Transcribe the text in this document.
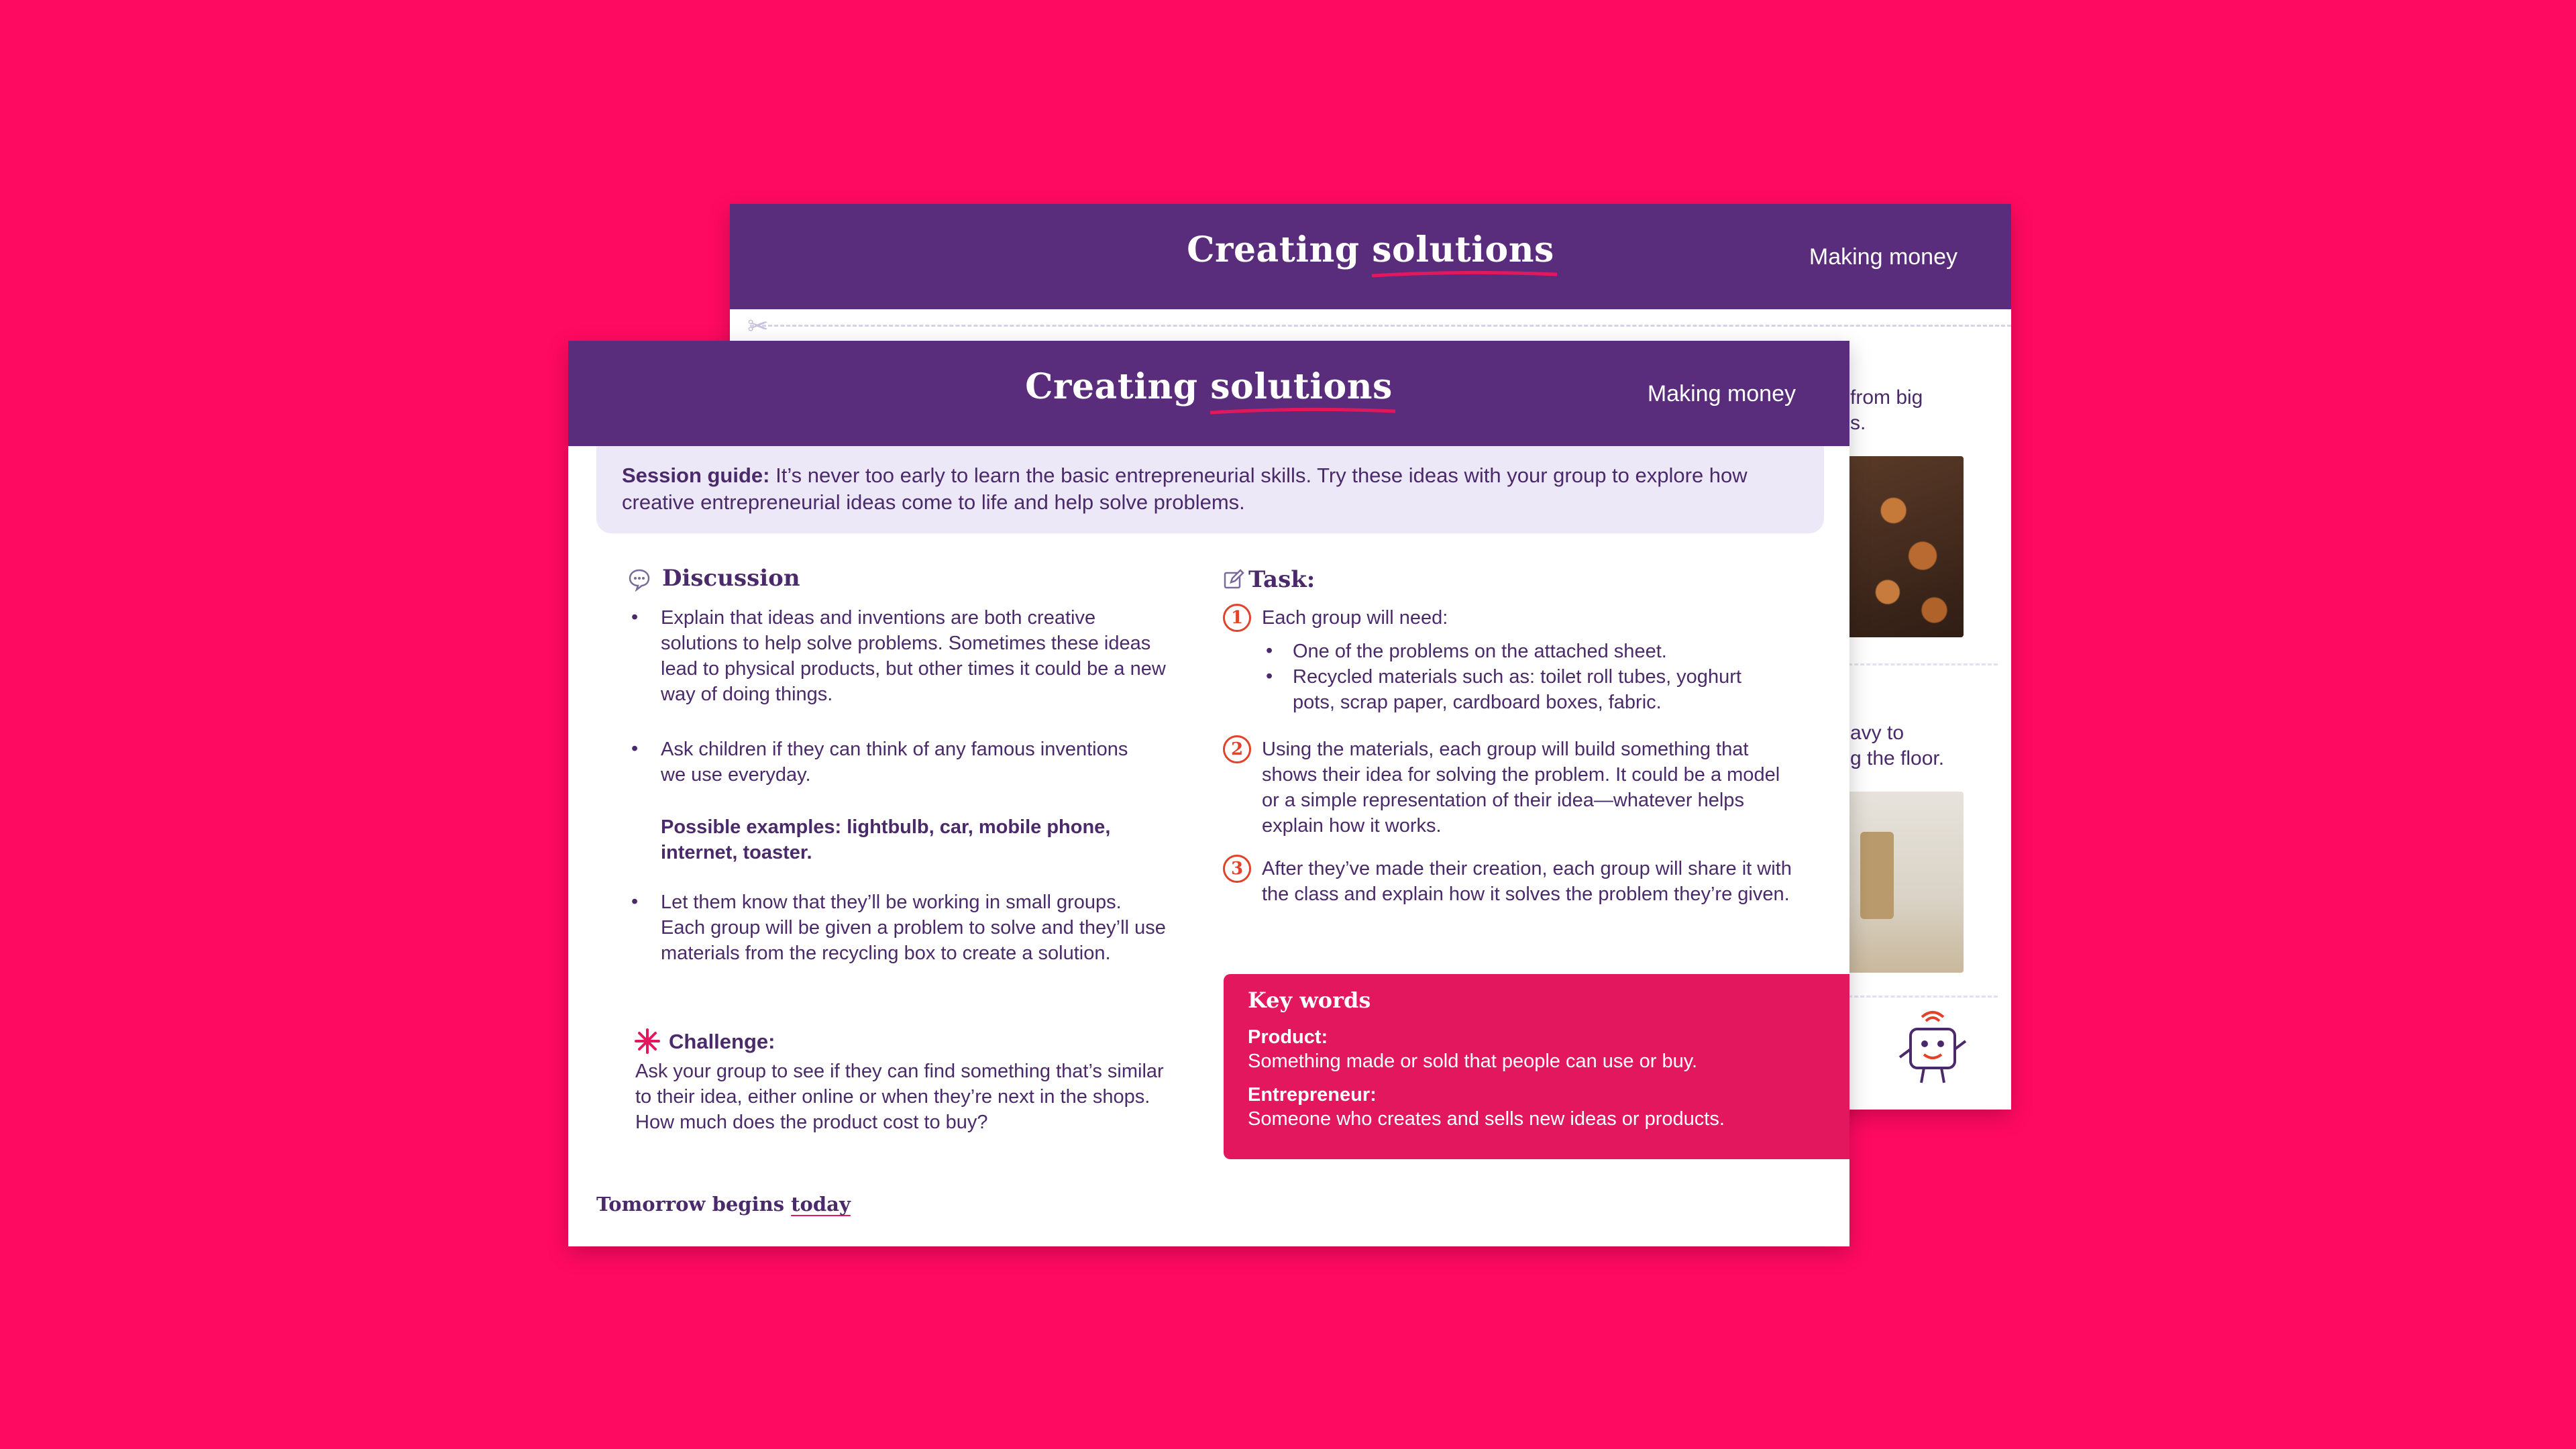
Creating solutions	Making money
✂
from big
s.
avy to
g the floor.
Creating solutions	Making money
Session guide: It’s never too early to learn the basic entrepreneurial skills. Try these ideas with your group to explore how creative entrepreneurial ideas come to life and help solve problems.
Discussion
• Explain that ideas and inventions are both creative solutions to help solve problems. Sometimes these ideas lead to physical products, but other times it could be a new way of doing things.
• Ask children if they can think of any famous inventions we use everyday.
Possible examples: lightbulb, car, mobile phone, internet, toaster.
• Let them know that they’ll be working in small groups. Each group will be given a problem to solve and they’ll use materials from the recycling box to create a solution.
Challenge:
Ask your group to see if they can find something that’s similar to their idea, either online or when they’re next in the shops. How much does the product cost to buy?
Task:
1 Each group will need:
• One of the problems on the attached sheet.
• Recycled materials such as: toilet roll tubes, yoghurt pots, scrap paper, cardboard boxes, fabric.
2 Using the materials, each group will build something that shows their idea for solving the problem. It could be a model or a simple representation of their idea—whatever helps explain how it works.
3 After they’ve made their creation, each group will share it with the class and explain how it solves the problem they’re given.
Key words
Product:
Something made or sold that people can use or buy.
Entrepreneur:
Someone who creates and sells new ideas or products.
Tomorrow begins today
